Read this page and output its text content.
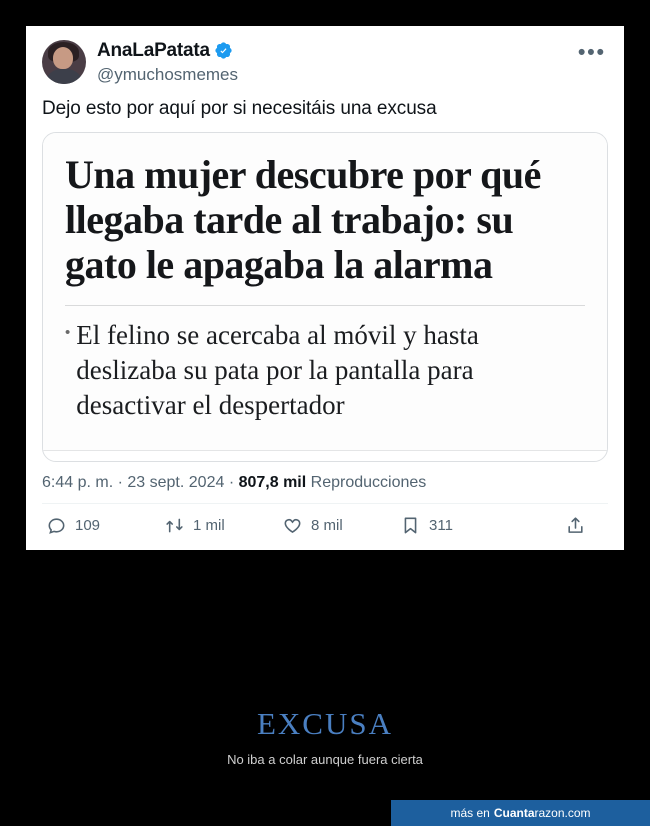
AnaLaPatata
@ymuchosmemes
•••
Dejo esto por aquí por si necesitáis una excusa
Una mujer descubre por qué llegaba tarde al trabajo: su gato le apagaba la alarma
• El felino se acercaba al móvil y hasta deslizaba su pata por la pantalla para desactivar el despertador
6:44 p. m. · 23 sept. 2024 · 807,8 mil Reproducciones
109	1 mil	8 mil	311
EXCUSA
No iba a colar aunque fuera cierta
más en Cuanta razon.com
